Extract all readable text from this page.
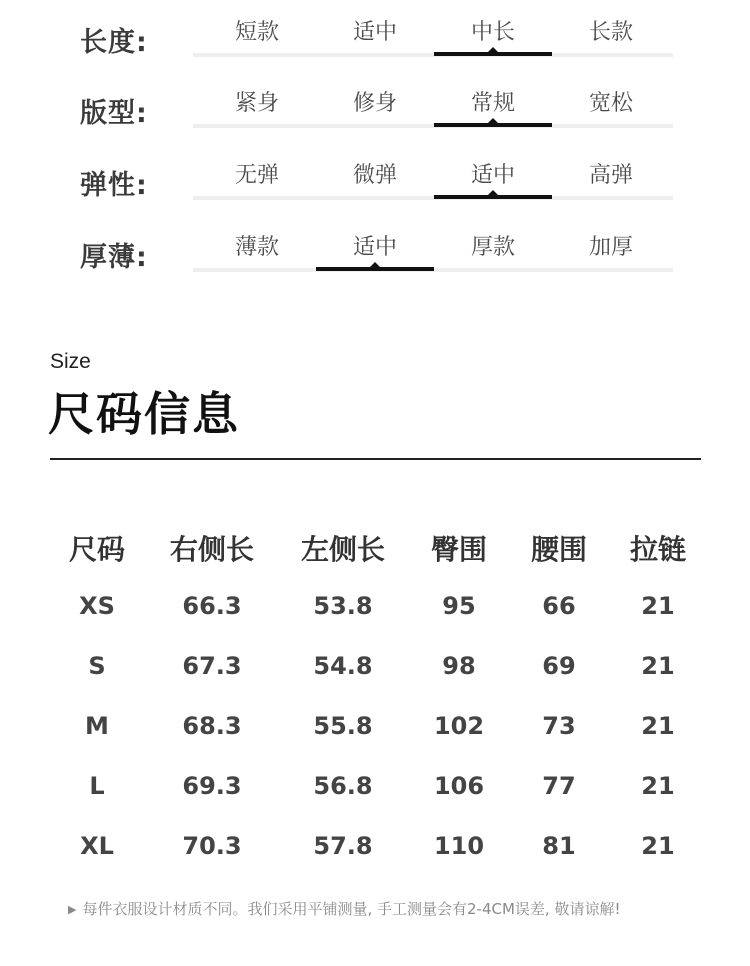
长度:	短款	适中	中长	长款
版型:	紧身	修身	常规	宽松
弹性:	无弹	微弹	适中	高弹
厚薄:	薄款	适中	厚款	加厚
Size
尺码信息
尺码 右侧长 左侧长 臀围 腰围 拉链
XS	66.3	53.8	95	66	21
S	67.3	54.8	98	69	21
M	68.3	55.8	102 73	21
L	69.3	56.8	106 77	21
XL	70.3	57.8	110 81	21
▶ 每件衣服设计材质不同。我们采用平铺测量, 手工测量会有2-4CM误差, 敬请谅解!
